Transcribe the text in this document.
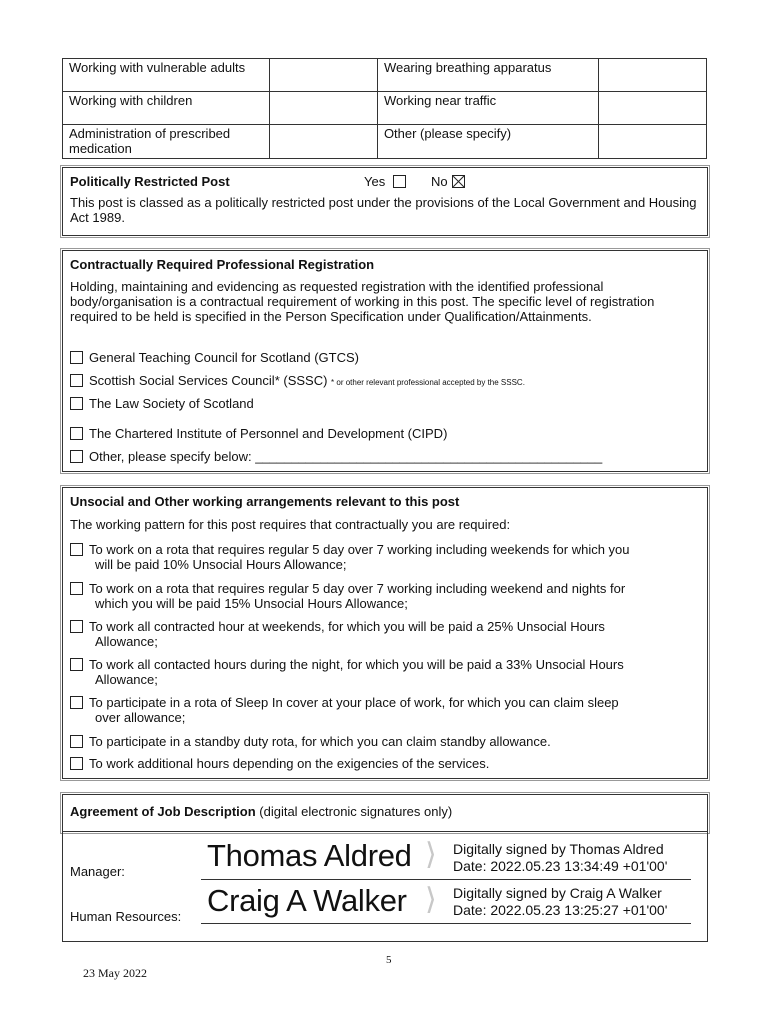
Working with vulnerable adults		Wearing breathing apparatus	
Working with children		Working near traffic	
Administration of prescribed medication		Other (please specify)	
Politically Restricted Post	Yes	No

This post is classed as a politically restricted post under the provisions of the Local Government and Housing Act 1989.

Contractually Required Professional Registration

Holding, maintaining and evidencing as requested registration with the identified professional body/organisation is a contractual requirement of working in this post. The specific level of registration required to be held is specified in the Person Specification under Qualification/Attainments.

General Teaching Council for Scotland (GTCS)
Scottish Social Services Council* (SSSC) * or other relevant professional accepted by the SSSC.
The Law Society of Scotland
The Chartered Institute of Personnel and Development (CIPD)
Other, please specify below: ________________________________________________
Unsocial and Other working arrangements relevant to this post

The working pattern for this post requires that contractually you are required:

To work on a rota that requires regular 5 day over 7 working including weekends for which you
will be paid 10% Unsocial Hours Allowance;
To work on a rota that requires regular 5 day over 7 working including weekend and nights for
which you will be paid 15% Unsocial Hours Allowance;
To work all contracted hour at weekends, for which you will be paid a 25% Unsocial Hours
Allowance;
To work all contacted hours during the night, for which you will be paid a 33% Unsocial Hours
Allowance;
To participate in a rota of Sleep In cover at your place of work, for which you can claim sleep
over allowance;
To participate in a standby duty rota, for which you can claim standby allowance.
To work additional hours depending on the exigencies of the services.
Agreement of Job Description (digital electronic signatures only)
Manager:	Thomas Aldred ⟩ Digitally signed by Thomas Aldred
Date: 2022.05.23 13:34:49 +01'00'
Human Resources: Craig A Walker ⟩ Digitally signed by Craig A Walker
Date: 2022.05.23 13:25:27 +01'00'
5
23 May 2022
